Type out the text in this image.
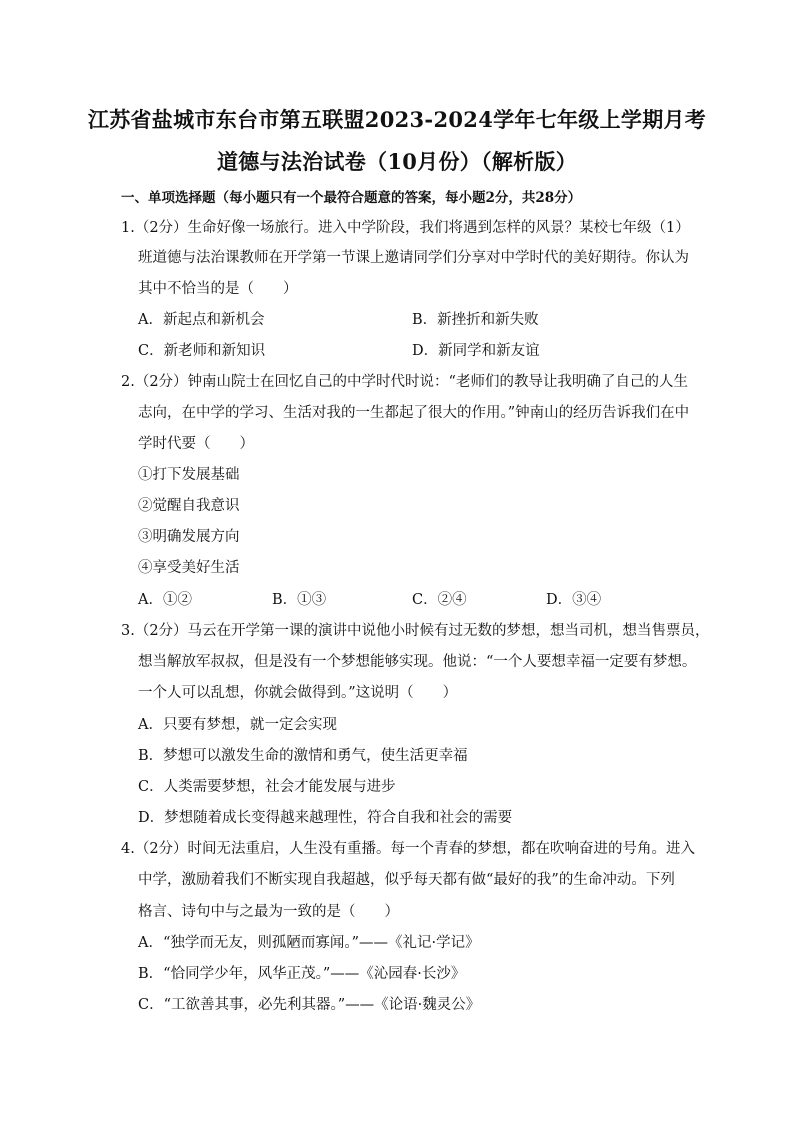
江苏省盐城市东台市第五联盟2023-2024学年七年级上学期月考
道德与法治试卷（10月份）（解析版）
一、单项选择题（每小题只有一个最符合题意的答案，每小题2分，共28分）
1.（2分）生命好像一场旅行。进入中学阶段，我们将遇到怎样的风景？某校七年级（1）
班道德与法治课教师在开学第一节课上邀请同学们分享对中学时代的美好期待。你认为
其中不恰当的是（　　）
A．新起点和新机会	B．新挫折和新失败
C．新老师和新知识	D．新同学和新友谊
2.（2分）钟南山院士在回忆自己的中学时代时说：“老师们的教导让我明确了自己的人生
志向，在中学的学习、生活对我的一生都起了很大的作用。”钟南山的经历告诉我们在中
学时代要（　　）
①打下发展基础
②觉醒自我意识
③明确发展方向
④享受美好生活
A．①②	B．①③	C．②④	D．③④
3.（2分）马云在开学第一课的演讲中说他小时候有过无数的梦想，想当司机，想当售票员，
想当解放军叔叔，但是没有一个梦想能够实现。他说：“一个人要想幸福一定要有梦想。
一个人可以乱想，你就会做得到。”这说明（　　）
A．只要有梦想，就一定会实现
B．梦想可以激发生命的激情和勇气，使生活更幸福
C．人类需要梦想，社会才能发展与进步
D．梦想随着成长变得越来越理性，符合自我和社会的需要
4.（2分）时间无法重启，人生没有重播。每一个青春的梦想，都在吹响奋进的号角。进入
中学，激励着我们不断实现自我超越，似乎每天都有做“最好的我”的生命冲动。下列
格言、诗句中与之最为一致的是（　　）
A．“独学而无友，则孤陋而寡闻。”——《礼记·学记》
B．“恰同学少年，风华正茂。”——《沁园春·长沙》
C．“工欲善其事，必先利其器。”——《论语·魏灵公》
